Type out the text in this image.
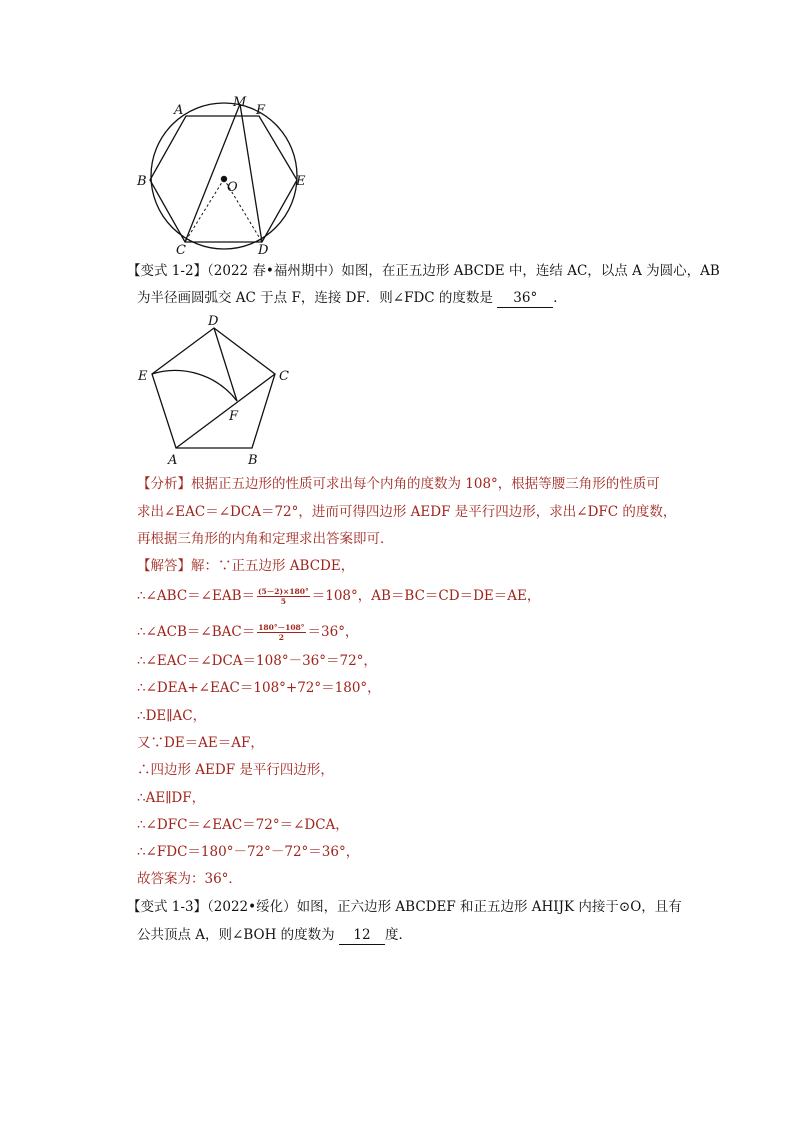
A
M
F
B	E
O
C	D
【变式 1-2】（2022 春•福州期中）如图，在正五边形 ABCDE 中，连结 AC，以点 A 为圆心，AB
为半径画圆弧交 AC 于点 F，连接 DF．则∠FDC 的度数是 36° ．
D
E	C
F
A	B
【分析】根据正五边形的性质可求出每个内角的度数为 108°，根据等腰三角形的性质可
求出∠EAC＝∠DCA＝72°，进而可得四边形 AEDF 是平行四边形，求出∠DFC 的度数，
再根据三角形的内角和定理求出答案即可．
【解答】解：∵正五边形 ABCDE，
∴∠ABC＝∠EAB＝ $\frac{(5-2)\times 180^\circ}{5} =108^\circ$，AB＝BC＝CD＝DE＝AE，
∴∠ACB＝∠BAC＝ $\frac{180^\circ-108^\circ}{2} =36^\circ$，
∴∠EAC＝∠DCA＝108°－36°＝72°，
∴∠DEA+∠EAC＝108°+72°＝180°，
∴DE∥AC，
又∵DE＝AE＝AF，
∴四边形 AEDF 是平行四边形，
∴AE∥DF，
∴∠DFC＝∠EAC＝72°＝∠DCA，
∴∠FDC＝180°－72°－72°＝36°，
故答案为：36°．
【变式 1-3】（2022•绥化）如图，正六边形 ABCDEF 和正五边形 AHIJK 内接于⊙O，且有
公共顶点 A，则∠BOH 的度数为 12 度．
